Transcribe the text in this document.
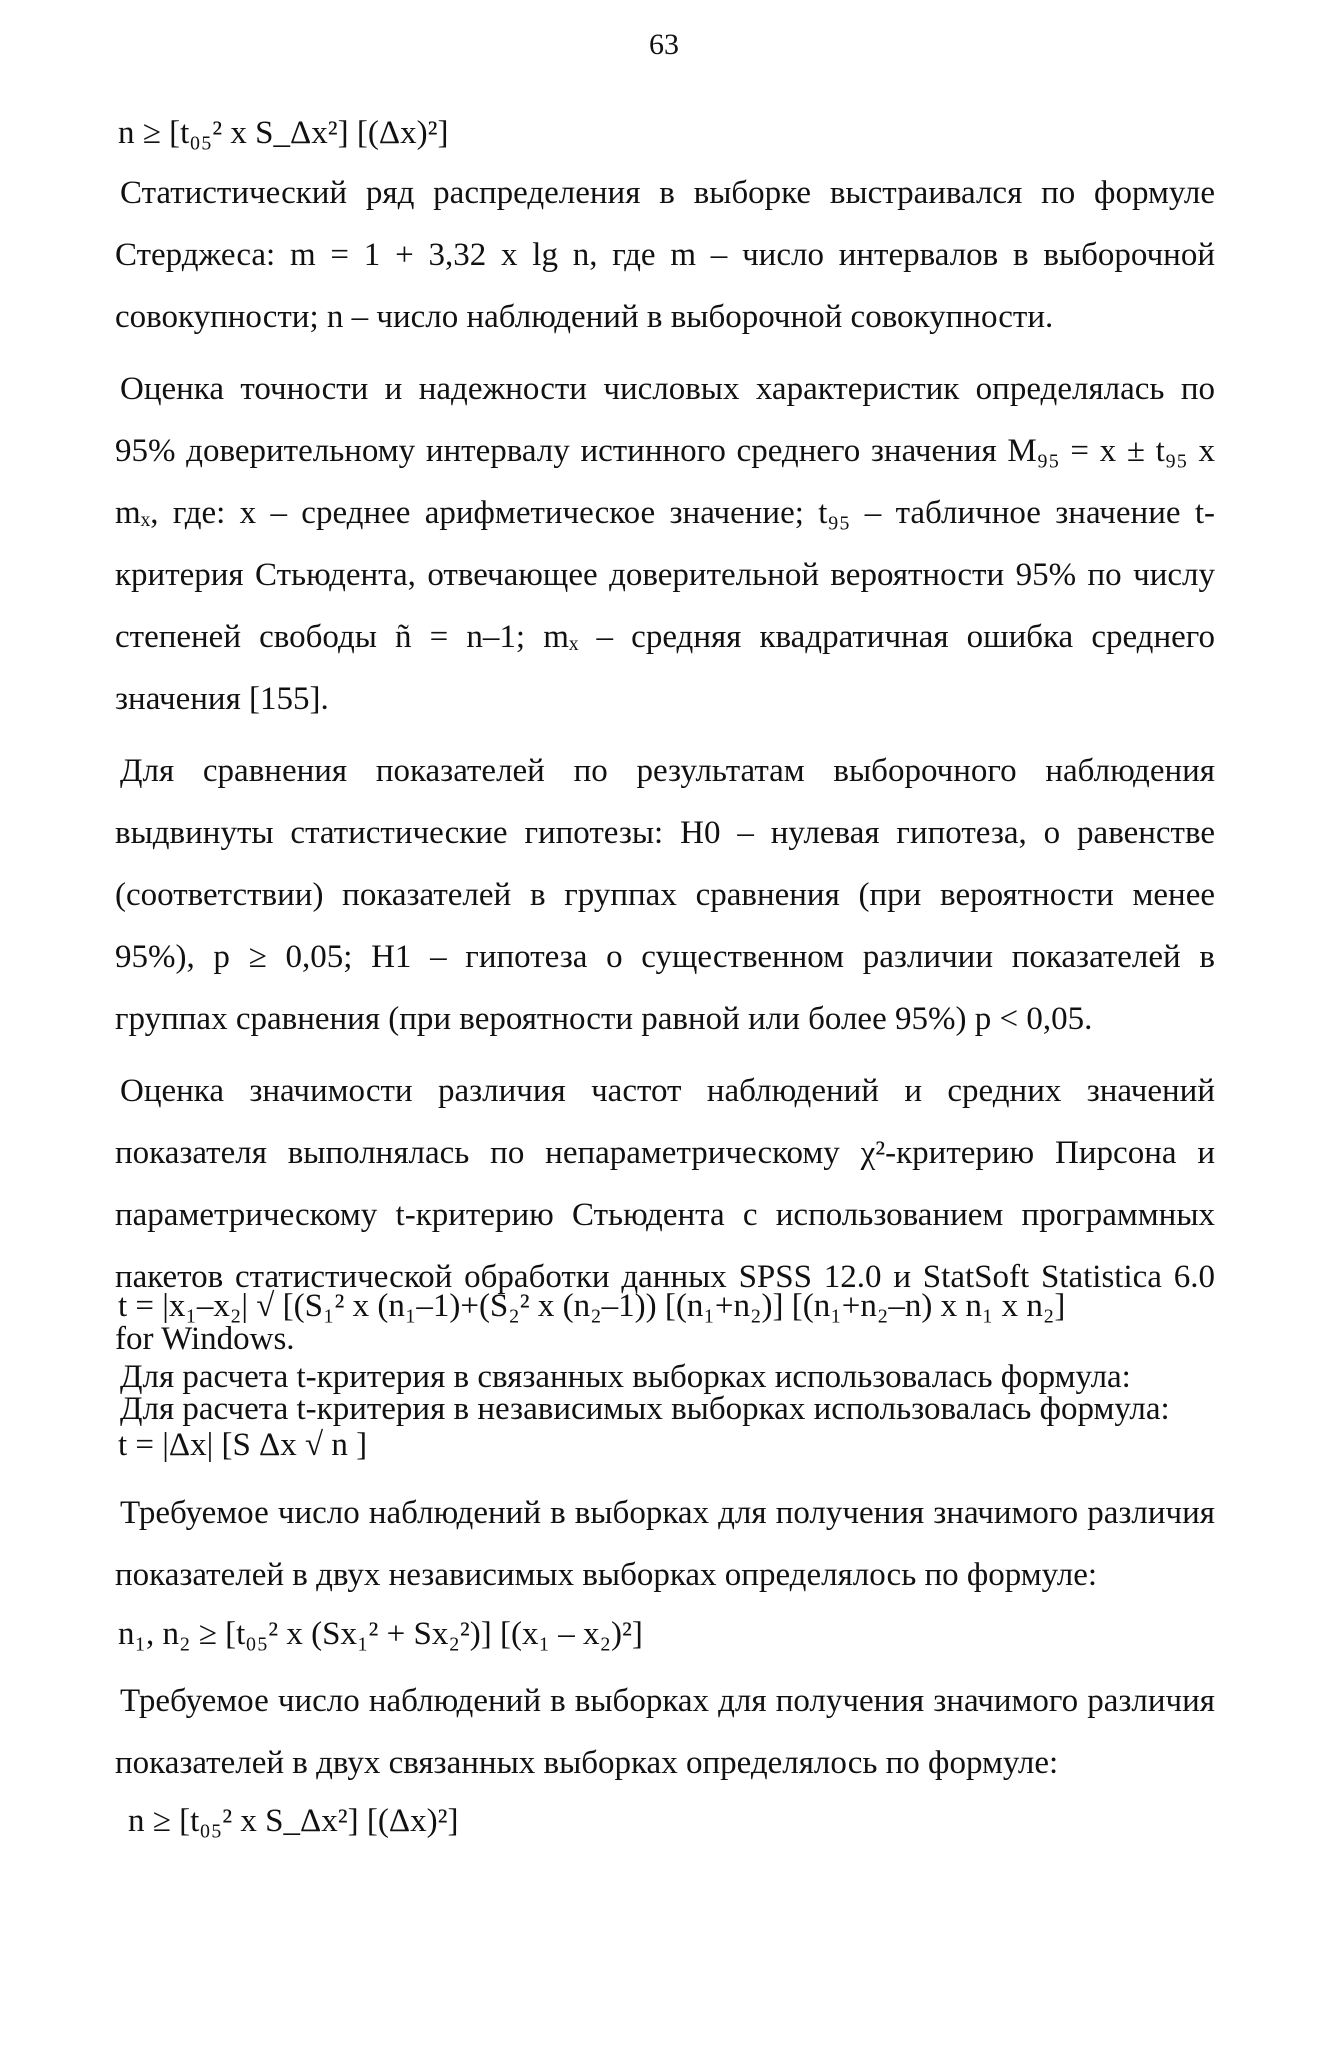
63
n ≥ [t₀₅² x S_Δx²] [(Δx)²]

Статистический ряд распределения в выборке выстраивался по формуле Стерджеса: m = 1 + 3,32 x lg n, где m – число интервалов в выборочной совокупности; n – число наблюдений в выборочной совокупности.

Оценка точности и надежности числовых характеристик определялась по 95% доверительному интервалу истинного среднего значения M₉₅ = x ± t₉₅ x mₓ, где: x – среднее арифметическое значение; t₉₅ – табличное значение t-критерия Стьюдента, отвечающее доверительной вероятности 95% по числу степеней свободы ñ = n–1; mₓ – средняя квадратичная ошибка среднего значения [155].

Для сравнения показателей по результатам выборочного наблюдения выдвинуты статистические гипотезы: H0 – нулевая гипотеза, о равенстве (соответствии) показателей в группах сравнения (при вероятности менее 95%), p ≥ 0,05; H1 – гипотеза о существенном различии показателей в группах сравнения (при вероятности равной или более 95%) p < 0,05.

Оценка значимости различия частот наблюдений и средних значений показателя выполнялась по непараметрическому χ²-критерию Пирсона и параметрическому t-критерию Стьюдента с использованием программных пакетов статистической обработки данных SPSS 12.0 и StatSoft Statistica 6.0 for Windows.

Для расчета t-критерия в независимых выборках использовалась формула:

t = |x₁–x₂| √ [(S₁² x (n₁–1)+(S₂² x (n₂–1)) [(n₁+n₂)] [(n₁+n₂–n) x n₁ x n₂]

Для расчета t-критерия в связанных выборках использовалась формула:

t = |Δx| [S Δx √ n ]

Требуемое число наблюдений в выборках для получения значимого различия показателей в двух независимых выборках определялось по формуле:

n₁, n₂ ≥ [t₀₅² x (Sx₁² + Sx₂²)] [(x₁ – x₂)²]

Требуемое число наблюдений в выборках для получения значимого различия показателей в двух связанных выборках определялось по формуле:

n ≥ [t₀₅² x S_Δx²] [(Δx)²]
